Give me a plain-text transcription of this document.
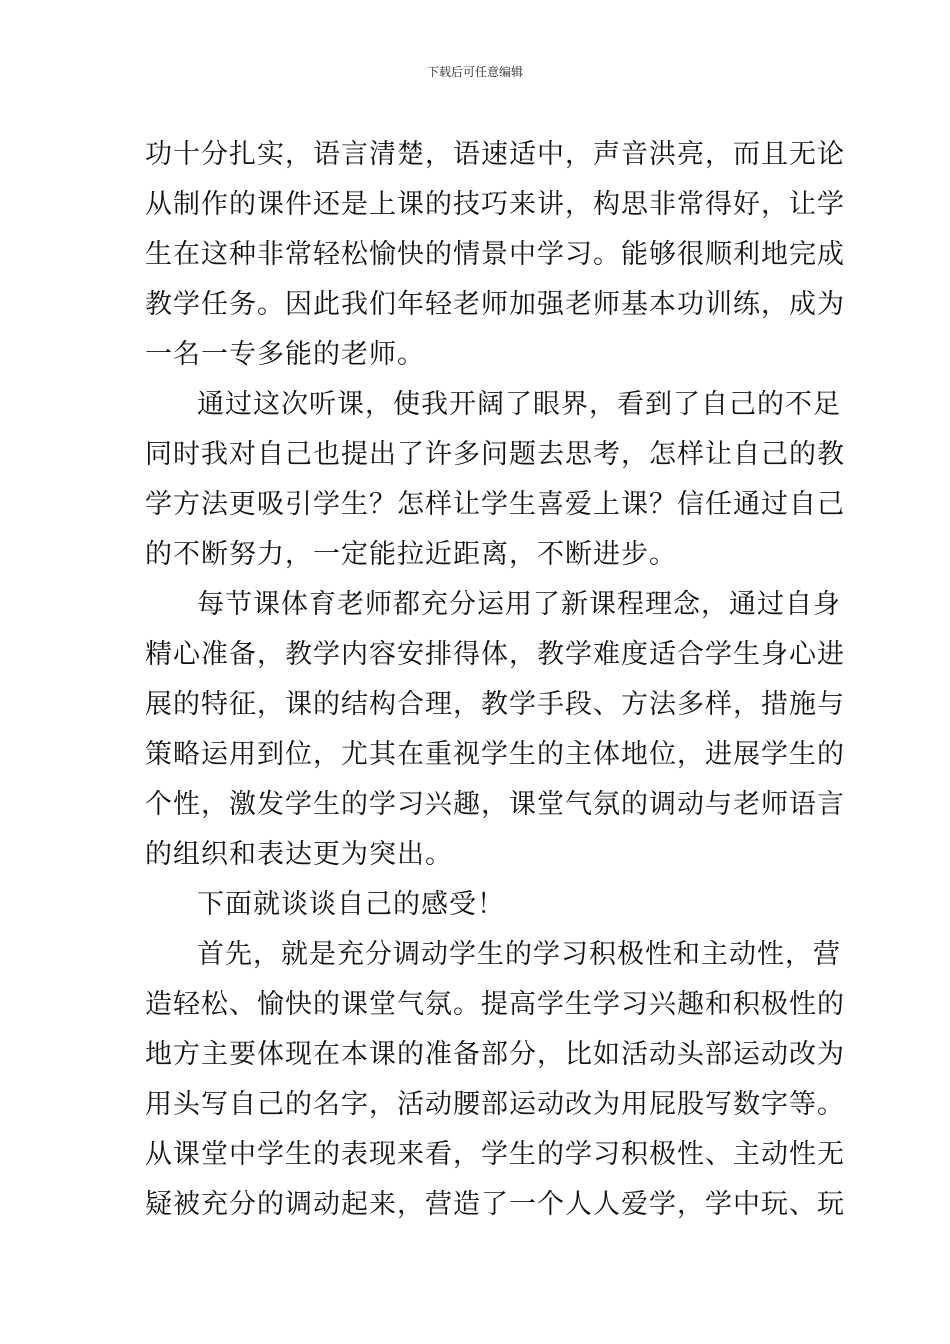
下载后可任意编辑
功十分扎实，语言清楚，语速适中，声音洪亮，而且无论
从制作的课件还是上课的技巧来讲，构思非常得好，让学
生在这种非常轻松愉快的情景中学习。能够很顺利地完成
教学任务。因此我们年轻老师加强老师基本功训练，成为
一名一专多能的老师。
通过这次听课，使我开阔了眼界，看到了自己的不足
同时我对自己也提出了许多问题去思考，怎样让自己的教
学方法更吸引学生？怎样让学生喜爱上课？信任通过自己
的不断努力，一定能拉近距离，不断进步。
每节课体育老师都充分运用了新课程理念，通过自身
精心准备，教学内容安排得体，教学难度适合学生身心进
展的特征，课的结构合理，教学手段、方法多样，措施与
策略运用到位，尤其在重视学生的主体地位，进展学生的
个性，激发学生的学习兴趣，课堂气氛的调动与老师语言
的组织和表达更为突出。
下面就谈谈自己的感受！
首先，就是充分调动学生的学习积极性和主动性，营
造轻松、愉快的课堂气氛。提高学生学习兴趣和积极性的
地方主要体现在本课的准备部分，比如活动头部运动改为
用头写自己的名字，活动腰部运动改为用屁股写数字等。
从课堂中学生的表现来看，学生的学习积极性、主动性无
疑被充分的调动起来，营造了一个人人爱学，学中玩、玩
